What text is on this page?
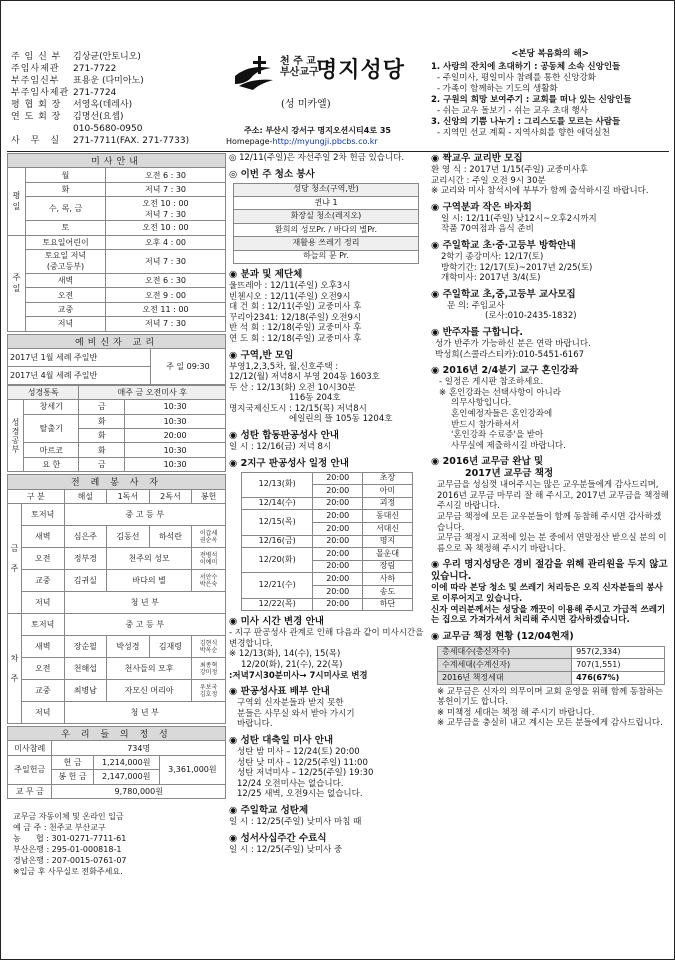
주 임 신 부	김상균(안토니오)
주임사제관	271-7722
부주임신부	표용운 (다미아노)
부주임사제관 271-7724
평 협 회 장	서영옥(데레사)
연 도 회 장	김명선(요셉)
010-5680-0950
사　무　실	271-7711(FAX. 271-7733)
천 주 교
부산교구
명지성당
(성 미카엘)
주소: 부산시 강서구 명지오션시티4로 35
Homepage-http://myungji.pbcbs.co.kr
<본당 복음화의 해>
1. 사랑의 잔치에 초대하기 : 공동체 소속 신앙인들
- 주일미사, 평일미사 참례를 통한 신앙강화
- 가족이 함께하는 기도의 생활화
2. 구원의 희망 보여주기 : 교회를 떠나 있는 신앙인들
- 쉬는 교우 돌보기 - 쉬는 교우 초대 행사
3. 신앙의 기쁨 나누기 : 그리스도를 모르는 사람들
- 지역민 선교 계획 - 지역사회를 향한 애덕실천
미사안내		
평 일	월	오전 6 : 30
	화	저녁 7 : 30
	수, 목, 금	오전 10 : 00
저녁 7 : 30
	토	오전 10 : 00
주 일	토요일어린이	오후 4 : 00
	토요일 저녁
(중고등부)	저녁 7 : 30
	새벽	오전 6 : 30
	오전	오전 9 : 00
	교중	오전 11 : 00
	저녁	저녁 7 : 30
예비신자 교리
2017년 1월 세례 주일반	주 일 09:30
2017년 4월 세례 주일반
성경통독		매주 금 오전미사 후	
성경공부	창세기	금	10:30
	탈출기	화	10:30
		화	20:00
	마르코	화	10:30
	요 한	금	10:30
전 례 봉 사 자					
구 분		해설	1독서	2독서	봉헌
금

주	토저녁	중 고 등 부			
	새벽	심은주	김동선	하석란	이갑세
권순옥
	오전	정부경	천주의 성모		전병석
이예미
	교중	김귀실	바다의 별		서안수
박은숙
	저녁	청 년 부			
차

주	토저녁	중 고 등 부			
	새벽	장순필	박성경	김재령	김현식
박옥순
	오전	천해섭	천사들의 모후		최종혁
강미정
	교중	최병남	자모신 머리아		우보국
김호정
	저녁	청 년 부			
우 리 들 의 정 성			
미사참례	734명		
주일헌금	헌 금	1,214,000원	3,361,000원
	봉 헌 금	2,147,000원	
교 무 금	9,780,000원		
교무금 자동이체 및 온라인 입금
예 금 주 : 천주교 부산교구
농      협 : 301-0271-7711-61
부산은행 : 295-01-000818-1
경남은행 : 207-0015-0761-07
※입금 후 사무실로 전화주세요.
◎ 12/11(주일)은 자선주일 2차 헌금 있습니다.
◎ 이번 주 청소 봉사
성당 청소(구역,반)
퀸냐 1
화장실 청소(레지오)
환희의 성모Pr. / 바다의 별Pr.
재활용 쓰레기 정리
하늘의 문 Pr.
◉ 분과 및 제단체
울뜨레아 : 12/11(주일) 오후3시
빈첸시오 : 12/11(주일) 오전9시
대 건 회 : 12/11(주일) 교중미사 후
꾸리아2341: 12/18(주일) 오전9시
반 석 회 : 12/18(주일) 교중미사 후
연 도 회 : 12/18(주일) 교중미사 후
◉ 구역,반 모임
부영1,2,3,5차, 월,신호주택 :
12/12(월) 저녁8시 부영 204동 1603호
두 산 : 12/13(화) 오전 10시30분
116동 204호
명지국제신도시 : 12/15(목) 저녁8시
에일린의 뜰 105동 1204호
◉ 성탄 합동판공성사 안내
일 시 : 12/16(금) 저녁 8시
◉ 2지구 판공성사 일정 안내
12/13(화)	20:00	초장
	20:00	아미
12/14(수)	20:00	괴정
12/15(목)	20:00	동대신
	20:00	서대신
12/16(금)	20:00	명지
12/20(화)	20:00	몰운대
	20:00	장림
12/21(수)	20:00	사하
	20:00	송도
12/22(목)	20:00	하단
◉ 미사 시간 변경 안내
- 지구 판공성사 관계로 인해 다음과 같이 미사시간을 변경합니다.
※ 12/13(화), 14(수), 15(목)
12/20(화), 21(수), 22(목)
:저녁7시30분미사→ 7시미사로 변경
◉ 판공성사표 배부 안내
구역외 신자분들과 받지 못한
분들은 사무실 와서 받아 가시기
바랍니다.
◉ 성탄 대축일 미사 안내
성탄 밤 미사 – 12/24(토) 20:00
성탄 낮 미사 – 12/25(주일) 11:00
성탄 저녁미사 – 12/25(주일) 19:30
12/24 오전미사는 없습니다.
12/25 새벽, 오전9시는 없습니다.
◉ 주일학교 성탄제
일 시 : 12/25(주일) 낮미사 마침 때
◉ 성서사십주간 수료식
일 시 : 12/25(주일) 낮미사 중
◉ 짝교우 교리반 모집
환 영 식 : 2017년 1/15(주일) 교중미사후
교리시간 : 주일 오전 9시 30분
※ 교리와 미사 참석시에 부부가 함께 출석하시길 바랍니다.
◉ 구역분과 작은 바자회
일 시: 12/11(주일) 낮12시~오후2시까지
작품 70여점과 음식 준비
◉ 주일학교 초·중·고등부 방학안내
2학기 종강미사: 12/17(토)
방학기간: 12/17(토)~2017년 2/25(토)
개학미사: 2017년 3/4(토)
◉ 주일학교 초,중,고등부 교사모집
문 의: 주임교사
(로사:010-2435-1832)
◉ 반주자를 구합니다.
성가 반주가 가능하신 분은 연락 바랍니다.
박성희(스콜라스티카):010-5451-6167
◉ 2016년 2/4분기 교구 혼인강좌
- 일정은 게시판 참조하세요.
※ 혼인강좌는 선택사항이 아니라
의무사항입니다.
혼인예정자들은 혼인강좌에
반드시 참가하셔서
'혼인강좌 수료증'을 받아
사무실에 제출하시길 바랍니다.
◉ 2016년 교무금 완납 및
2017년 교무금 책정
교무금을 성심껏 내어주시는 많은 교우분들에게 감사드리며, 2016년 교무금 마무리 잘 해 주시고, 2017년 교무금을 책정해 주시길 바랍니다.
교무금 책정에 모든 교우분들이 함께 동참해 주시면 감사하겠습니다.
교무금 책정시 교적에 있는 분 중에서 연말정산 받으실 분의 이름으로 꼭 책정해 주시기 바랍니다.
◉ 우리 명지성당은 경비 절감을 위해 관리원을 두지 않고 있습니다.
이에 따라 본당 청소 및 쓰레기 처리등은 오직 신자분들의 봉사로 이루어지고 있습니다.
신자 여러분께서는 성당을 깨끗이 이용해 주시고 가급적 쓰레기는 집으로 가져가셔서 처리해 주시면 감사하겠습니다.
◉ 교무금 책정 현황 (12/04현재)
총세대수(총신자수)	957(2,334)
수계세대(수계신자)	707(1,551)
2016년 책정세대	476(67%)
※ 교무금은 신자의 의무이며 교회 운영을 위해 함께 동참하는 봉헌이기도 합니다.
※ 미책정 세대는 책정 해 주시기 바랍니다.
※ 교무금을 충실히 내고 계시는 모든 분들에게 감사드립니다.
